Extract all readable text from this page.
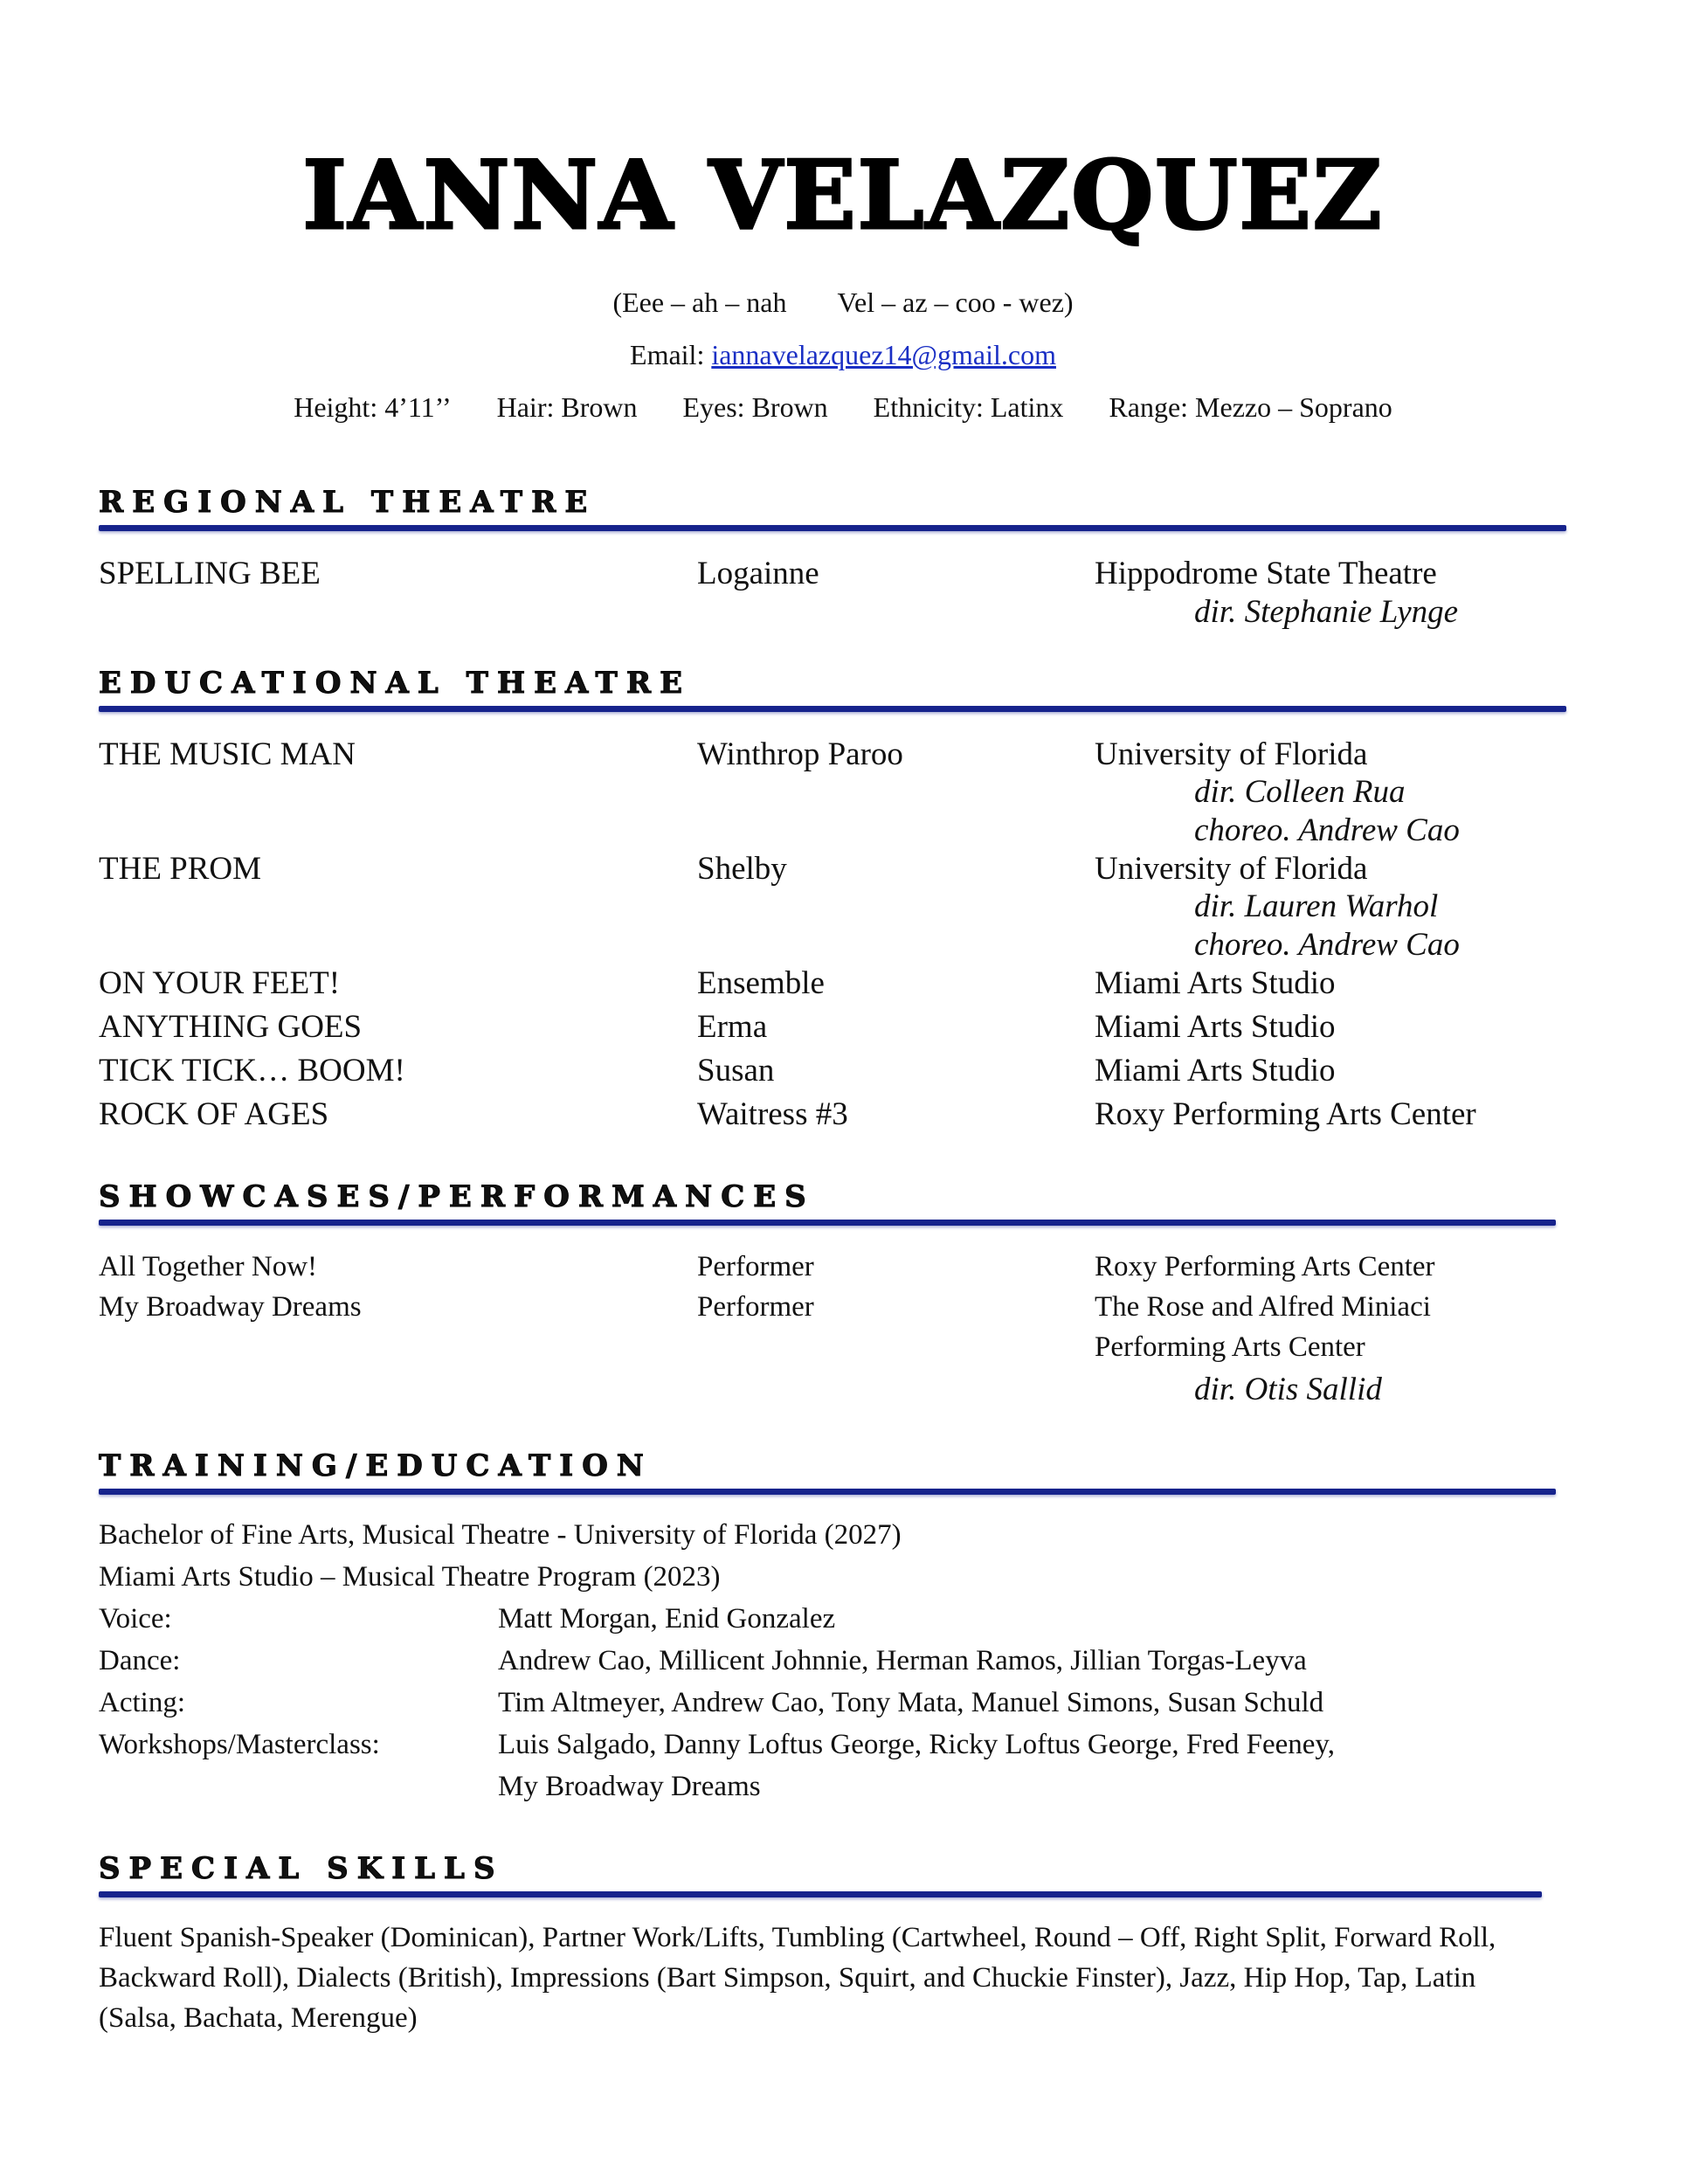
IANNA VELAZQUEZ
(Eee – ah – nah Vel – az – coo - wez)
Email: iannavelazquez14@gmail.com
Height: 4’11’’ Hair: Brown Eyes: Brown Ethnicity: Latinx Range: Mezzo – Soprano
REGIONAL THEATRE
SPELLING BEE	Logainne	Hippodrome State Theatre
dir. Stephanie Lynge
EDUCATIONAL THEATRE
THE MUSIC MAN	Winthrop Paroo	University of Florida
dir. Colleen Rua
choreo. Andrew Cao
THE PROM	Shelby	University of Florida
dir. Lauren Warhol
choreo. Andrew Cao
ON YOUR FEET!	Ensemble	Miami Arts Studio
ANYTHING GOES	Erma	Miami Arts Studio
TICK TICK… BOOM!	Susan	Miami Arts Studio
ROCK OF AGES	Waitress #3	Roxy Performing Arts Center
SHOWCASES/PERFORMANCES
All Together Now!	Performer	Roxy Performing Arts Center
My Broadway Dreams	Performer	The Rose and Alfred Miniaci
Performing Arts Center
dir. Otis Sallid
TRAINING/EDUCATION
Bachelor of Fine Arts, Musical Theatre - University of Florida (2027)
Miami Arts Studio – Musical Theatre Program (2023)
Voice:	Matt Morgan, Enid Gonzalez
Dance:	Andrew Cao, Millicent Johnnie, Herman Ramos, Jillian Torgas-Leyva
Acting:	Tim Altmeyer, Andrew Cao, Tony Mata, Manuel Simons, Susan Schuld
Workshops/Masterclass:	Luis Salgado, Danny Loftus George, Ricky Loftus George, Fred Feeney,
My Broadway Dreams
SPECIAL SKILLS
Fluent Spanish-Speaker (Dominican), Partner Work/Lifts, Tumbling (Cartwheel, Round – Off, Right Split, Forward Roll,
Backward Roll), Dialects (British), Impressions (Bart Simpson, Squirt, and Chuckie Finster), Jazz, Hip Hop, Tap, Latin
(Salsa, Bachata, Merengue)
